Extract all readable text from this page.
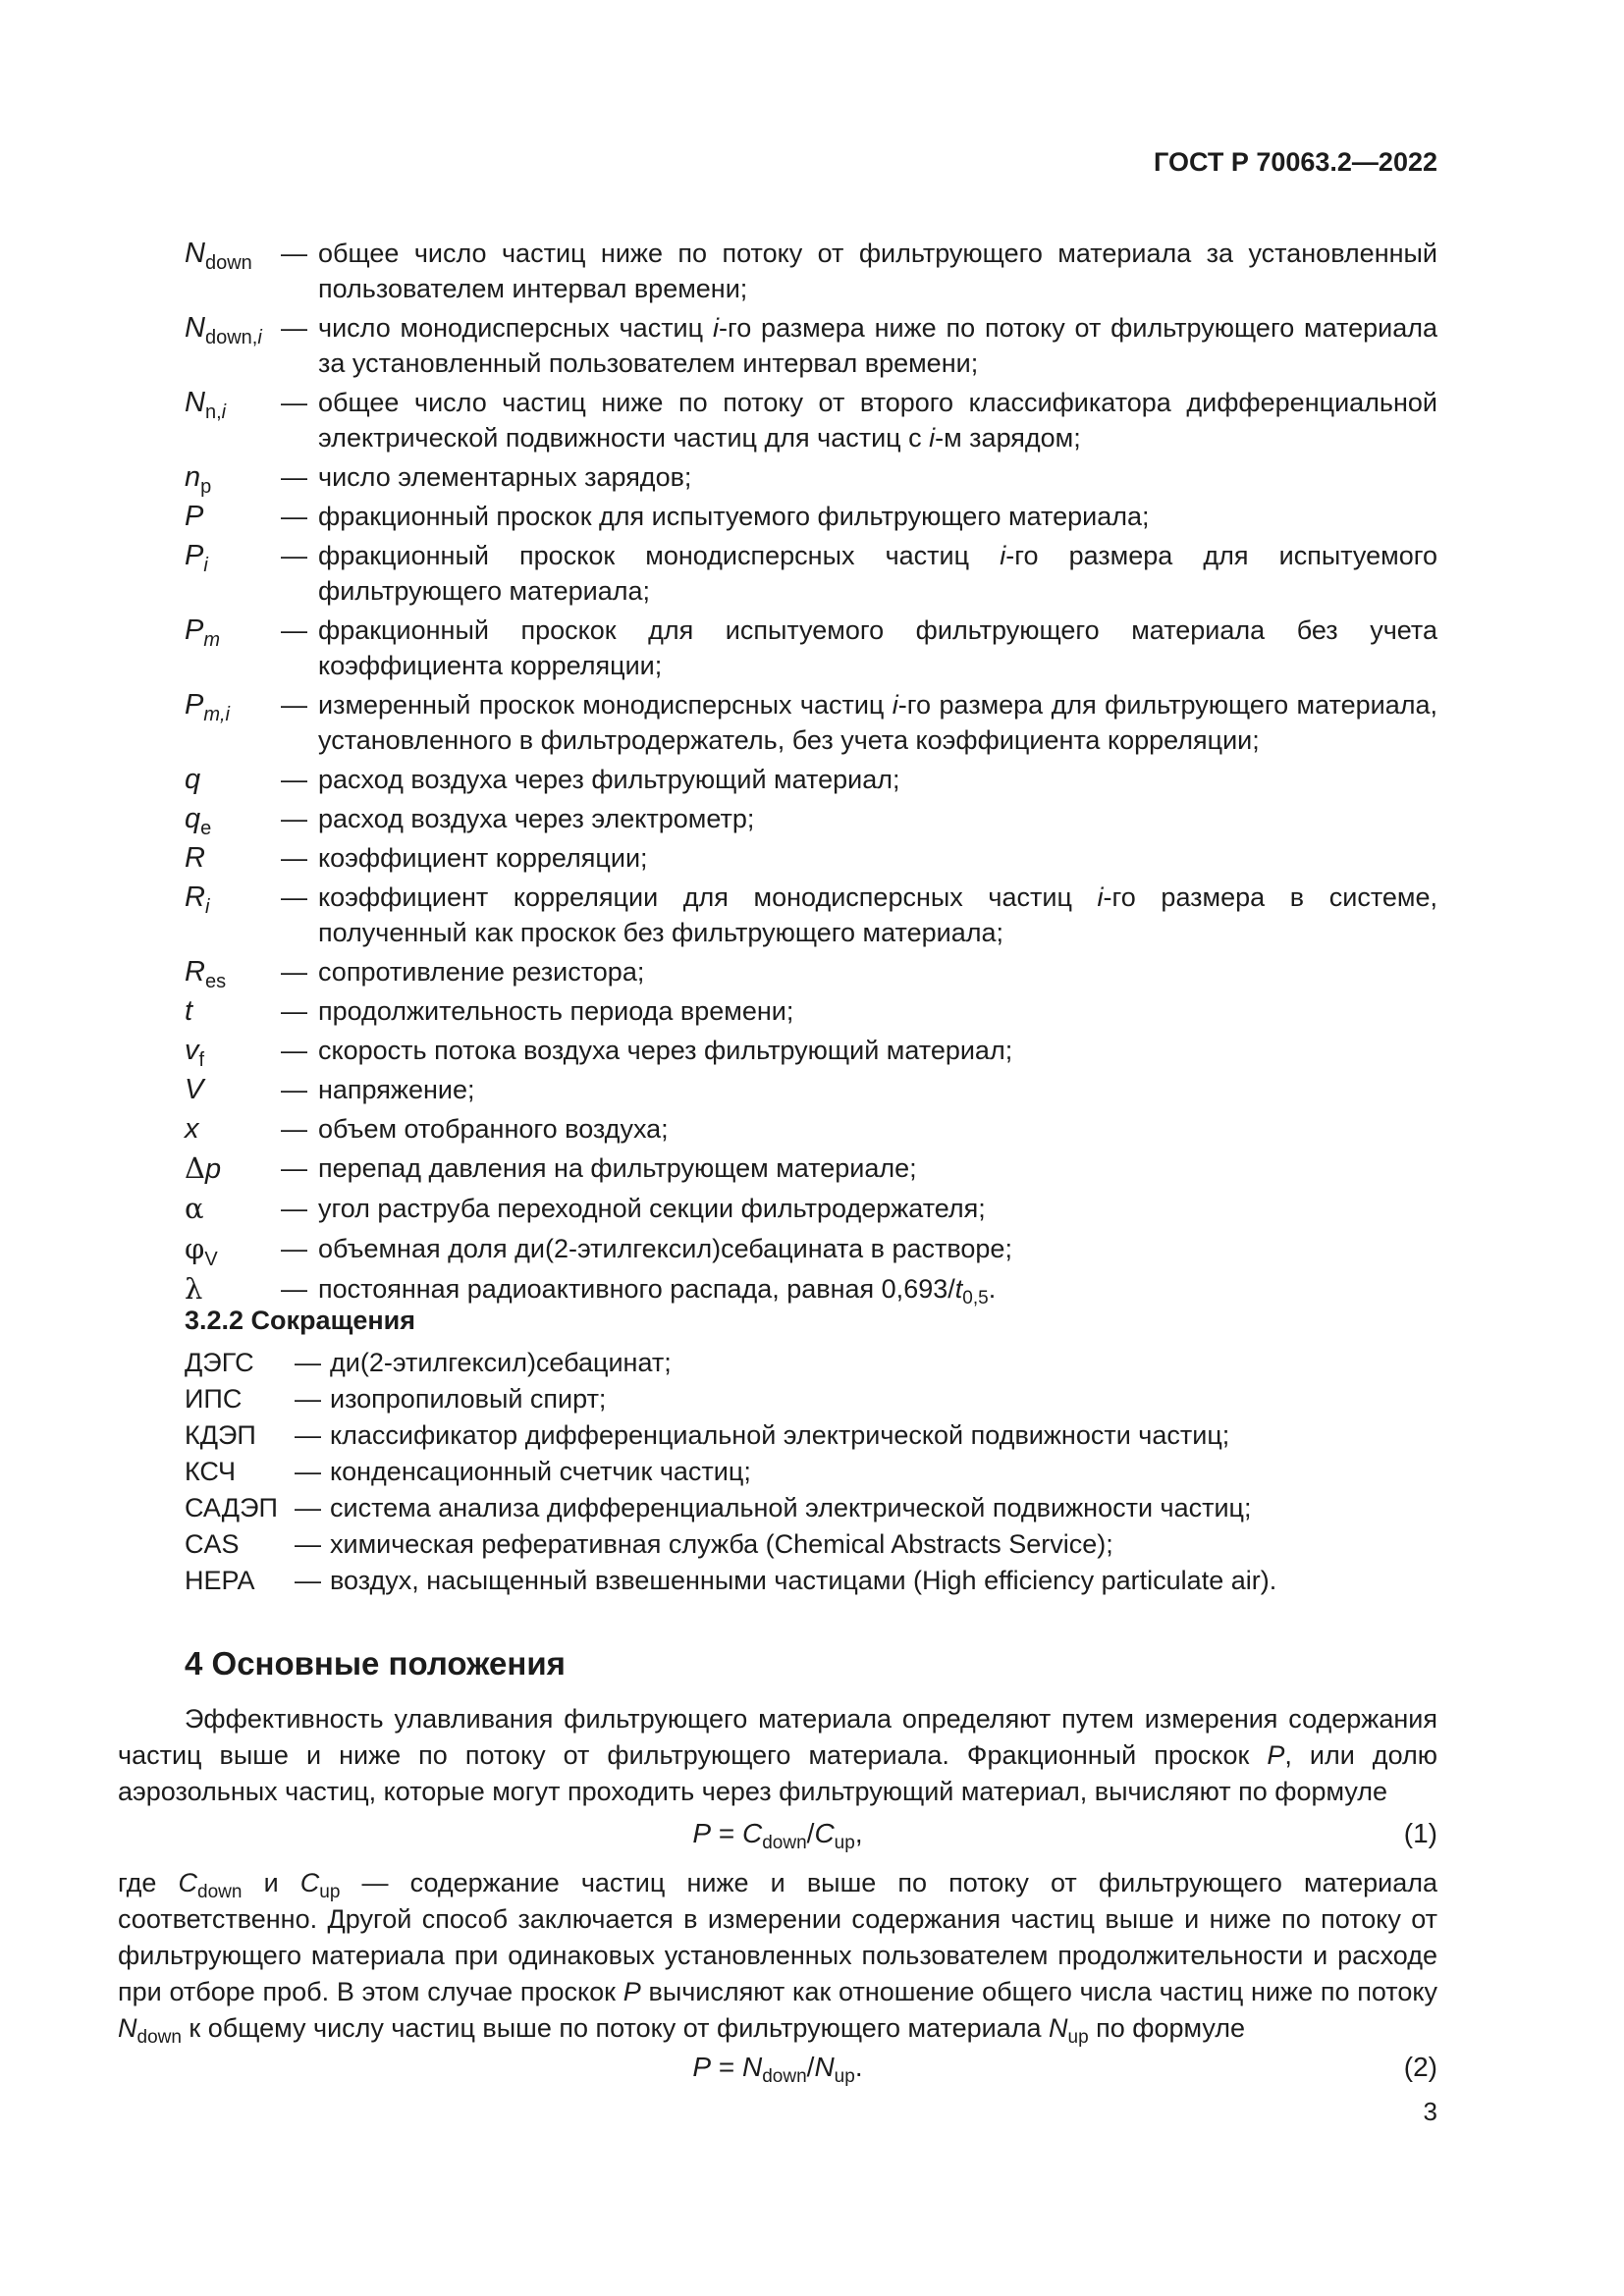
ГОСТ Р 70063.2—2022
$N_{down}$	— общее число частиц ниже по потоку от фильтрующего материала за установленный пользователем интервал времени;
$N_{down,i}$ — число монодисперсных частиц i-го размера ниже по потоку от фильтрующего материала за установленный пользователем интервал времени;
$N_{n,i}$	— общее число частиц ниже по потоку от второго классификатора дифференциальной электрической подвижности частиц для частиц с i-м зарядом;
$n_p$	— число элементарных зарядов;
P	— фракционный проскок для испытуемого фильтрующего материала;
$P_i$	— фракционный проскок монодисперсных частиц i-го размера для испытуемого фильтрующего материала;
$P_m$	— фракционный проскок для испытуемого фильтрующего материала без учета коэффициента корреляции;
$P_{m,i}$	— измеренный проскок монодисперсных частиц i-го размера для фильтрующего материала, установленного в фильтродержатель, без учета коэффициента корреляции;
q	— расход воздуха через фильтрующий материал;
$q_e$	— расход воздуха через электрометр;
R	— коэффициент корреляции;
$R_i$	— коэффициент корреляции для монодисперсных частиц i-го размера в системе, полученный как проскок без фильтрующего материала;
$R_{es}$	— сопротивление резистора;
t	— продолжительность периода времени;
$v_f$	— скорость потока воздуха через фильтрующий материал;
V	— напряжение;
x	— объем отобранного воздуха;
Δp	— перепад давления на фильтрующем материале;
α	— угол раструба переходной секции фильтродержателя;
$\varphi_V$	— объемная доля ди(2-этилгексил)себацината в растворе;
λ	— постоянная радиоактивного распада, равная $0,693/t_{0,5}$.
3.2.2 Сокращения
ДЭГС	— ди(2-этилгексил)себацинат;
ИПС	— изопропиловый спирт;
КДЭП	— классификатор дифференциальной электрической подвижности частиц;
КСЧ	— конденсационный счетчик частиц;
САДЭП — система анализа дифференциальной электрической подвижности частиц;
CAS	— химическая реферативная служба (Chemical Abstracts Service);
HEPA	— воздух, насыщенный взвешенными частицами (High efficiency particulate air).
4 Основные положения
Эффективность улавливания фильтрующего материала определяют путем измерения содержания частиц выше и ниже по потоку от фильтрующего материала. Фракционный проскок P, или долю аэрозольных частиц, которые могут проходить через фильтрующий материал, вычисляют по формуле
$P = C_{down}/C_{up}$,	(1)
где $C_{down}$ и $C_{up}$ — содержание частиц ниже и выше по потоку от фильтрующего материала соответственно. Другой способ заключается в измерении содержания частиц выше и ниже по потоку от фильтрующего материала при одинаковых установленных пользователем продолжительности и расходе при отборе проб. В этом случае проскок P вычисляют как отношение общего числа частиц ниже по потоку $N_{down}$ к общему числу частиц выше по потоку от фильтрующего материала $N_{up}$ по формуле
$P = N_{down}/N_{up}$.	(2)
3
